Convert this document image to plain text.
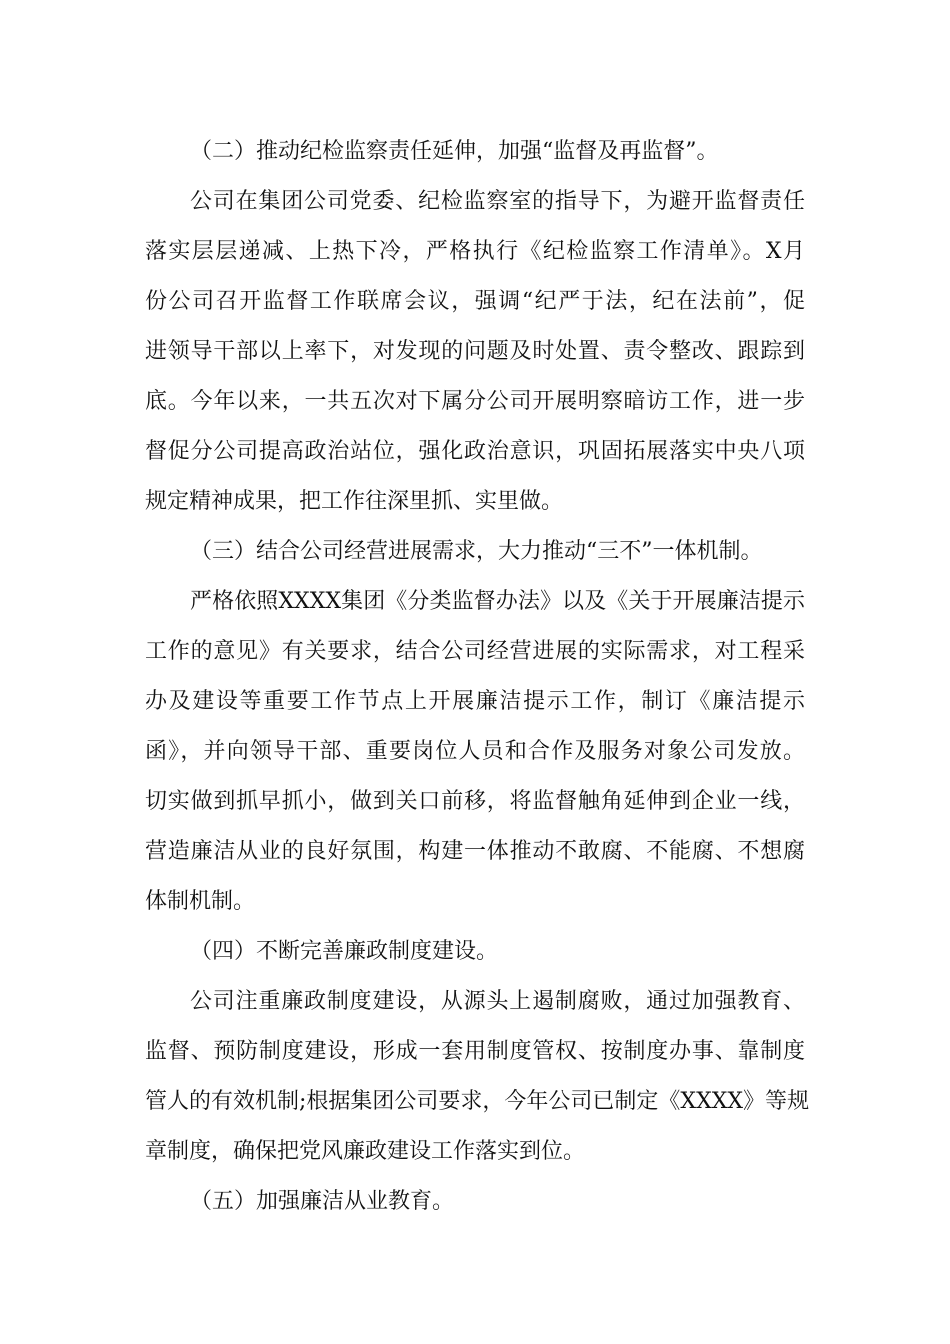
（二）推动纪检监察责任延伸，加强“监督及再监督”。
公司在集团公司党委、纪检监察室的指导下，为避开监督责任
落实层层递减、上热下冷，严格执行《纪检监察工作清单》。X月
份公司召开监督工作联席会议，强调“纪严于法，纪在法前”，促
进领导干部以上率下，对发现的问题及时处置、责令整改、跟踪到
底。今年以来，一共五次对下属分公司开展明察暗访工作，进一步
督促分公司提高政治站位，强化政治意识，巩固拓展落实中央八项
规定精神成果，把工作往深里抓、实里做。
（三）结合公司经营进展需求，大力推动“三不”一体机制。
严格依照XXXX集团《分类监督办法》以及《关于开展廉洁提示
工作的意见》有关要求，结合公司经营进展的实际需求，对工程采
办及建设等重要工作节点上开展廉洁提示工作，制订《廉洁提示
函》，并向领导干部、重要岗位人员和合作及服务对象公司发放。
切实做到抓早抓小，做到关口前移，将监督触角延伸到企业一线，
营造廉洁从业的良好氛围，构建一体推动不敢腐、不能腐、不想腐
体制机制。
（四）不断完善廉政制度建设。
公司注重廉政制度建设，从源头上遏制腐败，通过加强教育、
监督、预防制度建设，形成一套用制度管权、按制度办事、靠制度
管人的有效机制;根据集团公司要求，今年公司已制定《XXXX》等规
章制度，确保把党风廉政建设工作落实到位。
（五）加强廉洁从业教育。
